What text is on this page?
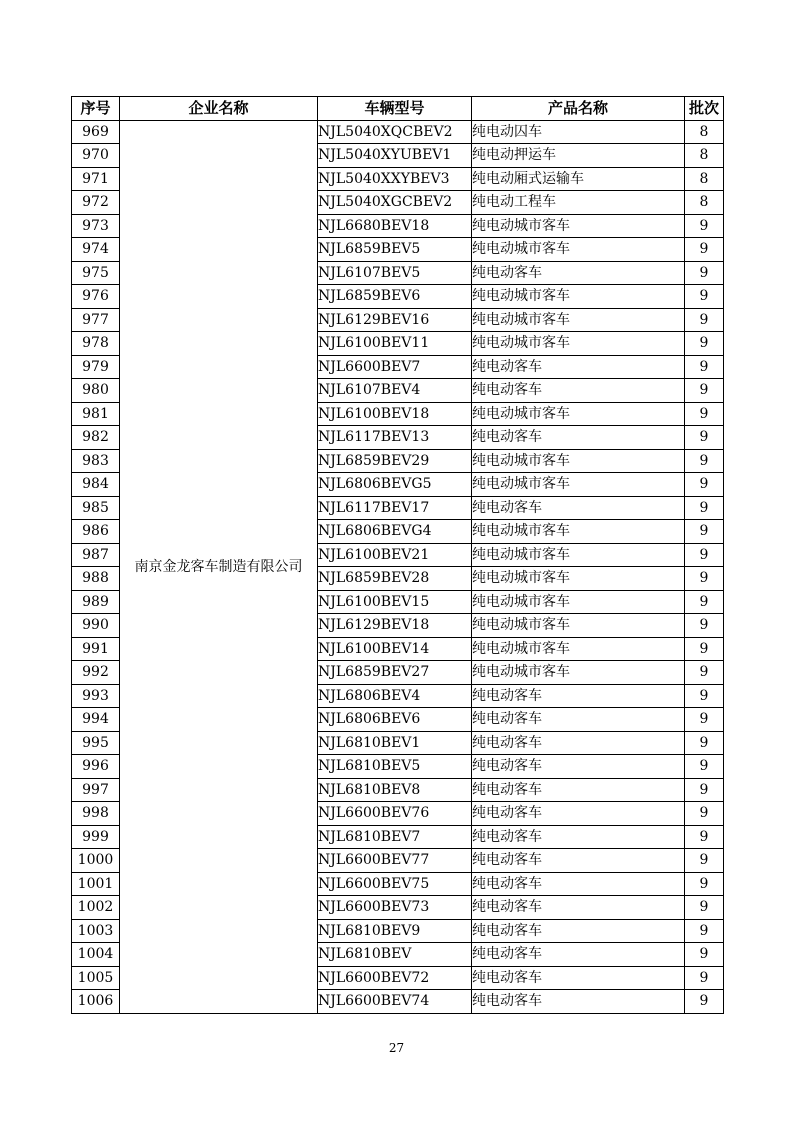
序号	企业名称	车辆型号	产品名称	批次
969	南京金龙客车制造有限公司	NJL5040XQCBEV2	纯电动囚车	8
970		NJL5040XYUBEV1	纯电动押运车	8
971		NJL5040XXYBEV3	纯电动厢式运输车	8
972		NJL5040XGCBEV2	纯电动工程车	8
973		NJL6680BEV18	纯电动城市客车	9
974		NJL6859BEV5	纯电动城市客车	9
975		NJL6107BEV5	纯电动客车	9
976		NJL6859BEV6	纯电动城市客车	9
977		NJL6129BEV16	纯电动城市客车	9
978		NJL6100BEV11	纯电动城市客车	9
979		NJL6600BEV7	纯电动客车	9
980		NJL6107BEV4	纯电动客车	9
981		NJL6100BEV18	纯电动城市客车	9
982		NJL6117BEV13	纯电动客车	9
983		NJL6859BEV29	纯电动城市客车	9
984		NJL6806BEVG5	纯电动城市客车	9
985		NJL6117BEV17	纯电动客车	9
986		NJL6806BEVG4	纯电动城市客车	9
987		NJL6100BEV21	纯电动城市客车	9
988		NJL6859BEV28	纯电动城市客车	9
989		NJL6100BEV15	纯电动城市客车	9
990		NJL6129BEV18	纯电动城市客车	9
991		NJL6100BEV14	纯电动城市客车	9
992		NJL6859BEV27	纯电动城市客车	9
993		NJL6806BEV4	纯电动客车	9
994		NJL6806BEV6	纯电动客车	9
995		NJL6810BEV1	纯电动客车	9
996		NJL6810BEV5	纯电动客车	9
997		NJL6810BEV8	纯电动客车	9
998		NJL6600BEV76	纯电动客车	9
999		NJL6810BEV7	纯电动客车	9
1000		NJL6600BEV77	纯电动客车	9
1001		NJL6600BEV75	纯电动客车	9
1002		NJL6600BEV73	纯电动客车	9
1003		NJL6810BEV9	纯电动客车	9
1004		NJL6810BEV	纯电动客车	9
1005		NJL6600BEV72	纯电动客车	9
1006		NJL6600BEV74	纯电动客车	9
27
